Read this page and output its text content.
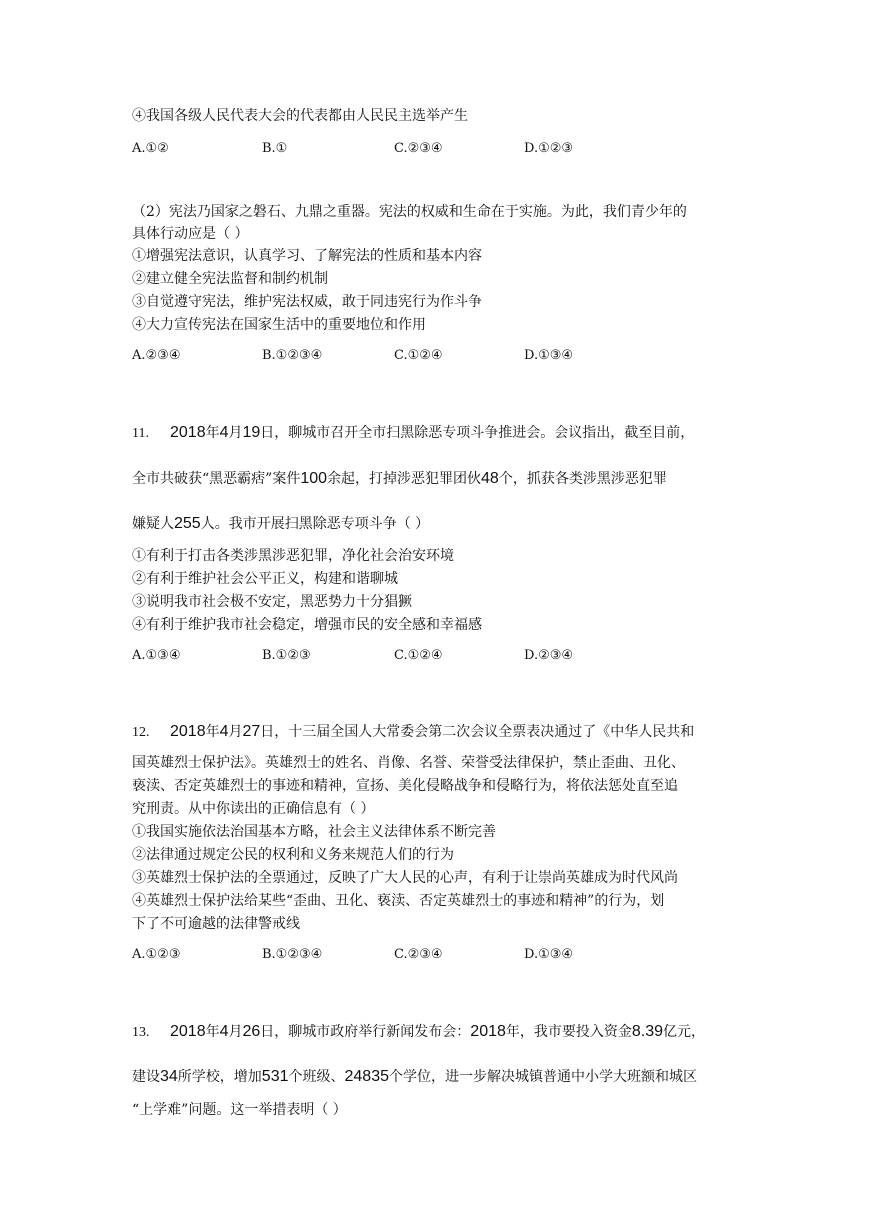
④我国各级人民代表大会的代表都由人民民主选举产生
A.①②	B.①	C.②③④	D.①②③
（2）宪法乃国家之磐石、九鼎之重器。宪法的权威和生命在于实施。为此，我们青少年的
具体行动应是（ ）
①增强宪法意识，认真学习、了解宪法的性质和基本内容
②建立健全宪法监督和制约机制
③自觉遵守宪法，维护宪法权威，敢于同违宪行为作斗争
④大力宣传宪法在国家生活中的重要地位和作用
A.②③④	B.①②③④	C.①②④	D.①③④
11. 2018年4月19日，聊城市召开全市扫黑除恶专项斗争推进会。会议指出，截至目前，
全市共破获“黑恶霸痞”案件100余起，打掉涉恶犯罪团伙48个，抓获各类涉黑涉恶犯罪
嫌疑人255人。我市开展扫黑除恶专项斗争（ ）
①有利于打击各类涉黑涉恶犯罪，净化社会治安环境
②有利于维护社会公平正义，构建和谐聊城
③说明我市社会极不安定，黑恶势力十分猖獗
④有利于维护我市社会稳定，增强市民的安全感和幸福感
A.①③④	B.①②③	C.①②④	D.②③④
12. 2018年4月27日，十三届全国人大常委会第二次会议全票表决通过了《中华人民共和
国英雄烈士保护法》。英雄烈士的姓名、肖像、名誉、荣誉受法律保护，禁止歪曲、丑化、
亵渎、否定英雄烈士的事迹和精神，宣扬、美化侵略战争和侵略行为，将依法惩处直至追
究刑责。从中你读出的正确信息有（ ）
①我国实施依法治国基本方略，社会主义法律体系不断完善
②法律通过规定公民的权利和义务来规范人们的行为
③英雄烈士保护法的全票通过，反映了广大人民的心声，有利于让崇尚英雄成为时代风尚
④英雄烈士保护法给某些“歪曲、丑化、亵渎、否定英雄烈士的事迹和精神”的行为，划
下了不可逾越的法律警戒线
A.①②③	B.①②③④	C.②③④	D.①③④
13. 2018年4月26日，聊城市政府举行新闻发布会：2018年，我市要投入资金8.39亿元，
建设34所学校，增加531个班级、24835个学位，进一步解决城镇普通中小学大班额和城区
“上学难”问题。这一举措表明（ ）
